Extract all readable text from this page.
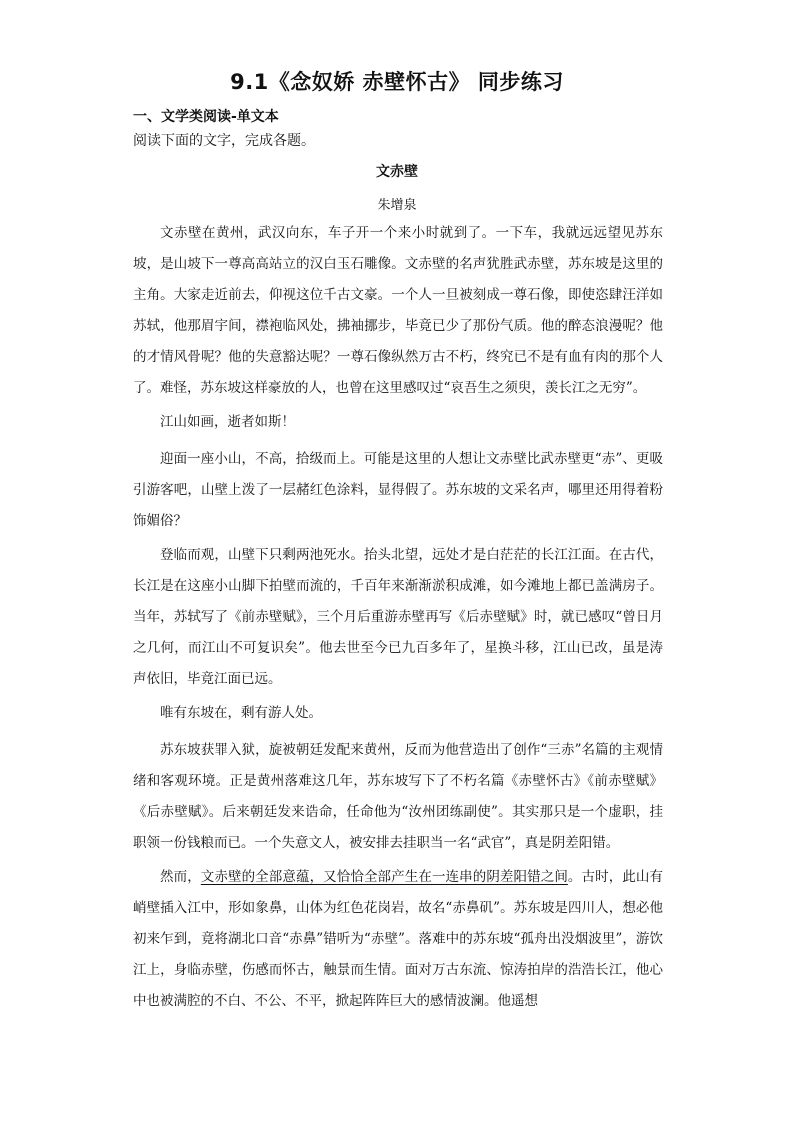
9.1《念奴娇 赤壁怀古》 同步练习
一、文学类阅读-单文本
阅读下面的文字，完成各题。
文赤壁
朱增泉

文赤壁在黄州，武汉向东，车子开一个来小时就到了。一下车，我就远远望见苏东坡，是山坡下一尊高高站立的汉白玉石雕像。文赤壁的名声犹胜武赤壁，苏东坡是这里的主角。大家走近前去，仰视这位千古文豪。一个人一旦被刻成一尊石像，即使恣肆汪洋如苏轼，他那眉宇间，襟袍临风处，拂袖挪步，毕竟已少了那份气质。他的醉态浪漫呢？他的才情风骨呢？他的失意豁达呢？一尊石像纵然万古不朽，终究已不是有血有肉的那个人了。难怪，苏东坡这样豪放的人，也曾在这里感叹过“哀吾生之须臾，羡长江之无穷”。

江山如画，逝者如斯！

迎面一座小山，不高，拾级而上。可能是这里的人想让文赤壁比武赤壁更“赤”、更吸引游客吧，山壁上泼了一层赭红色涂料，显得假了。苏东坡的文采名声，哪里还用得着粉饰媚俗？

登临而观，山壁下只剩两池死水。抬头北望，远处才是白茫茫的长江江面。在古代，长江是在这座小山脚下拍壁而流的，千百年来渐渐淤积成滩，如今滩地上都已盖满房子。当年，苏轼写了《前赤壁赋》，三个月后重游赤壁再写《后赤壁赋》时，就已感叹“曾日月之几何，而江山不可复识矣”。他去世至今已九百多年了，星换斗移，江山已改，虽是涛声依旧，毕竟江面已远。

唯有东坡在，剩有游人处。

苏东坡获罪入狱，旋被朝廷发配来黄州，反而为他营造出了创作“三赤”名篇的主观情绪和客观环境。正是黄州落难这几年，苏东坡写下了不朽名篇《赤壁怀古》《前赤壁赋》《后赤壁赋》。后来朝廷发来诰命，任命他为“汝州团练副使”。其实那只是一个虚职，挂职领一份钱粮而已。一个失意文人，被安排去挂职当一名“武官”，真是阴差阳错。

然而，文赤壁的全部意蕴，又恰恰全部产生在一连串的阴差阳错之间。古时，此山有峭壁插入江中，形如象鼻，山体为红色花岗岩，故名“赤鼻矶”。苏东坡是四川人，想必他初来乍到，竟将湖北口音“赤鼻”错听为“赤壁”。落难中的苏东坡“孤舟出没烟波里”，游饮江上，身临赤壁，伤感而怀古，触景而生情。面对万古东流、惊涛拍岸的浩浩长江，他心中也被满腔的不白、不公、不平，掀起阵阵巨大的感情波澜。他遥想
